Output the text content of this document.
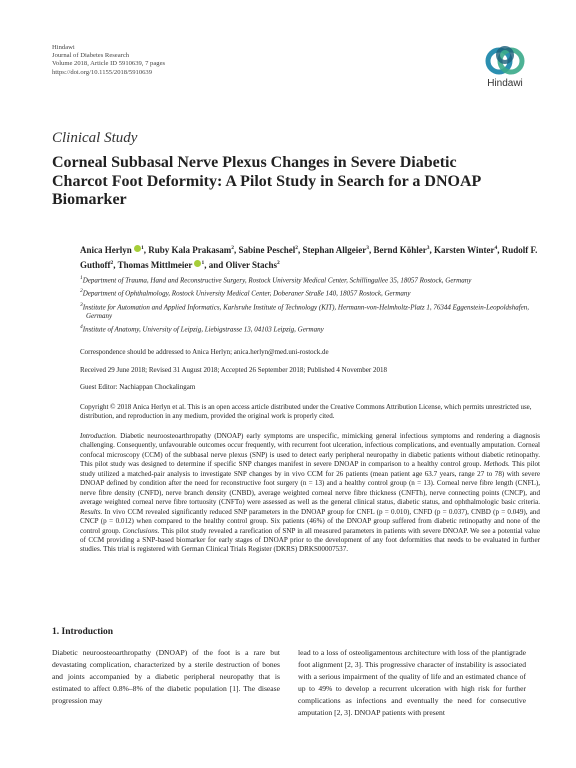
Hindawi
Journal of Diabetes Research
Volume 2018, Article ID 5910639, 7 pages
https://doi.org/10.1155/2018/5910639
Hindawi
Clinical Study
Corneal Subbasal Nerve Plexus Changes in Severe Diabetic Charcot Foot Deformity: A Pilot Study in Search for a DNOAP Biomarker
Anica Herlyn $^1$, Ruby Kala Prakasam$^2$, Sabine Peschel$^2$, Stephan Allgeier$^3$, Bernd Köhler$^3$, Karsten Winter$^4$, Rudolf F. Guthoff$^2$, Thomas Mittlmeier $^1$, and Oliver Stachs$^2$

$^1$Department of Trauma, Hand and Reconstructive Surgery, Rostock University Medical Center, Schillingallee 35, 18057 Rostock, Germany

$^2$Department of Ophthalmology, Rostock University Medical Center, Doberaner Straße 140, 18057 Rostock, Germany

$^3$Institute for Automation and Applied Informatics, Karlsruhe Institute of Technology (KIT), Hermann-von-Helmholtz-Platz 1, 76344 Eggenstein-Leopoldshafen, Germany

$^4$Institute of Anatomy, University of Leipzig, Liebigstrasse 13, 04103 Leipzig, Germany

Correspondence should be addressed to Anica Herlyn; anica.herlyn@med.uni-rostock.de
Received 29 June 2018; Revised 31 August 2018; Accepted 26 September 2018; Published 4 November 2018
Guest Editor: Nachiappan Chockalingam
Copyright © 2018 Anica Herlyn et al. This is an open access article distributed under the Creative Commons Attribution License, which permits unrestricted use, distribution, and reproduction in any medium, provided the original work is properly cited.

Introduction. Diabetic neuroosteoarthropathy (DNOAP) early symptoms are unspecific, mimicking general infectious symptoms and rendering a diagnosis challenging. Consequently, unfavourable outcomes occur frequently, with recurrent foot ulceration, infectious complications, and eventually amputation. Corneal confocal microscopy (CCM) of the subbasal nerve plexus (SNP) is used to detect early peripheral neuropathy in diabetic patients without diabetic retinopathy. This pilot study was designed to determine if specific SNP changes manifest in severe DNOAP in comparison to a healthy control group. Methods. This pilot study utilized a matched-pair analysis to investigate SNP changes by in vivo CCM for 26 patients (mean patient age 63.7 years, range 27 to 78) with severe DNOAP defined by condition after the need for reconstructive foot surgery (n = 13) and a healthy control group (n = 13). Corneal nerve fibre length (CNFL), nerve fibre density (CNFD), nerve branch density (CNBD), average weighted corneal nerve fibre thickness (CNFTh), nerve connecting points (CNCP), and average weighted corneal nerve fibre tortuosity (CNFTo) were assessed as well as the general clinical status, diabetic status, and ophthalmologic basic criteria. Results. In vivo CCM revealed significantly reduced SNP parameters in the DNOAP group for CNFL (p = 0.010), CNFD (p = 0.037), CNBD (p = 0.049), and CNCP (p = 0.012) when compared to the healthy control group. Six patients (46%) of the DNOAP group suffered from diabetic retinopathy and none of the control group. Conclusions. This pilot study revealed a rarefication of SNP in all measured parameters in patients with severe DNOAP. We see a potential value of CCM providing a SNP-based biomarker for early stages of DNOAP prior to the development of any foot deformities that needs to be evaluated in further studies. This trial is registered with German Clinical Trials Register (DKRS) DRKS00007537.

1. Introduction

Diabetic neuroosteoarthropathy (DNOAP) of the foot is a rare but devastating complication, characterized by a sterile destruction of bones and joints accompanied by a diabetic peripheral neuropathy that is estimated to affect 0.8%–8% of the diabetic population [1]. The disease progression may

lead to a loss of osteoligamentous architecture with loss of the plantigrade foot alignment [2, 3]. This progressive character of instability is associated with a serious impairment of the quality of life and an estimated chance of up to 49% to develop a recurrent ulceration with high risk for further complications as infections and eventually the need for consecutive amputation [2, 3]. DNOAP patients with present
